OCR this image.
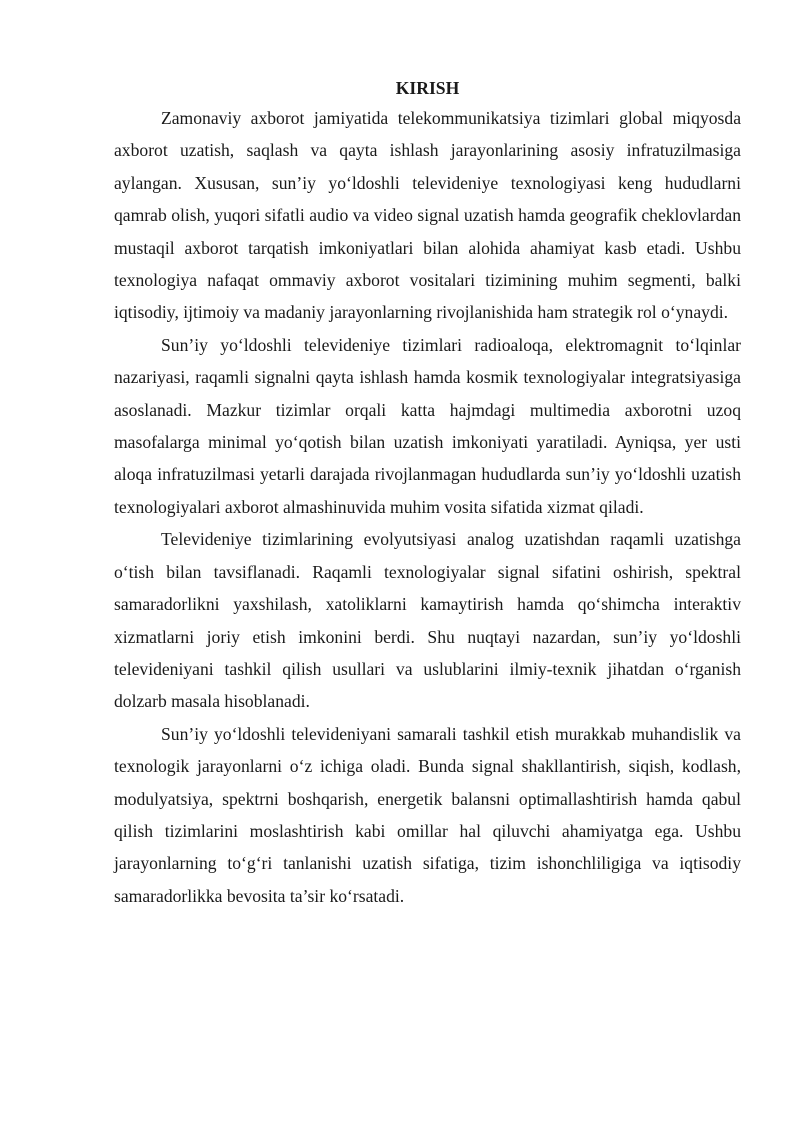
KIRISH

Zamonaviy axborot jamiyatida telekommunikatsiya tizimlari global miqyosda axborot uzatish, saqlash va qayta ishlash jarayonlarining asosiy infratuzilmasiga aylangan. Xususan, sun’iy yo‘ldoshli televideniye texnologiyasi keng hududlarni qamrab olish, yuqori sifatli audio va video signal uzatish hamda geografik cheklovlardan mustaqil axborot tarqatish imkoniyatlari bilan alohida ahamiyat kasb etadi. Ushbu texnologiya nafaqat ommaviy axborot vositalari tizimining muhim segmenti, balki iqtisodiy, ijtimoiy va madaniy jarayonlarning rivojlanishida ham strategik rol o‘ynaydi.

Sun’iy yo‘ldoshli televideniye tizimlari radioaloqa, elektromagnit to‘lqinlar nazariyasi, raqamli signalni qayta ishlash hamda kosmik texnologiyalar integratsiyasiga asoslanadi. Mazkur tizimlar orqali katta hajmdagi multimedia axborotni uzoq masofalarga minimal yo‘qotish bilan uzatish imkoniyati yaratiladi. Ayniqsa, yer usti aloqa infratuzilmasi yetarli darajada rivojlanmagan hududlarda sun’iy yo‘ldoshli uzatish texnologiyalari axborot almashinuvida muhim vosita sifatida xizmat qiladi.

Televideniye tizimlarining evolyutsiyasi analog uzatishdan raqamli uzatishga o‘tish bilan tavsiflanadi. Raqamli texnologiyalar signal sifatini oshirish, spektral samaradorlikni yaxshilash, xatoliklarni kamaytirish hamda qo‘shimcha interaktiv xizmatlarni joriy etish imkonini berdi. Shu nuqtayi nazardan, sun’iy yo‘ldoshli televideniyani tashkil qilish usullari va uslublarini ilmiy-texnik jihatdan o‘rganish dolzarb masala hisoblanadi.

Sun’iy yo‘ldoshli televideniyani samarali tashkil etish murakkab muhandislik va texnologik jarayonlarni o‘z ichiga oladi. Bunda signal shakllantirish, siqish, kodlash, modulyatsiya, spektrni boshqarish, energetik balansni optimallashtirish hamda qabul qilish tizimlarini moslashtirish kabi omillar hal qiluvchi ahamiyatga ega. Ushbu jarayonlarning to‘g‘ri tanlanishi uzatish sifatiga, tizim ishonchliligiga va iqtisodiy samaradorlikka bevosita ta’sir ko‘rsatadi.
